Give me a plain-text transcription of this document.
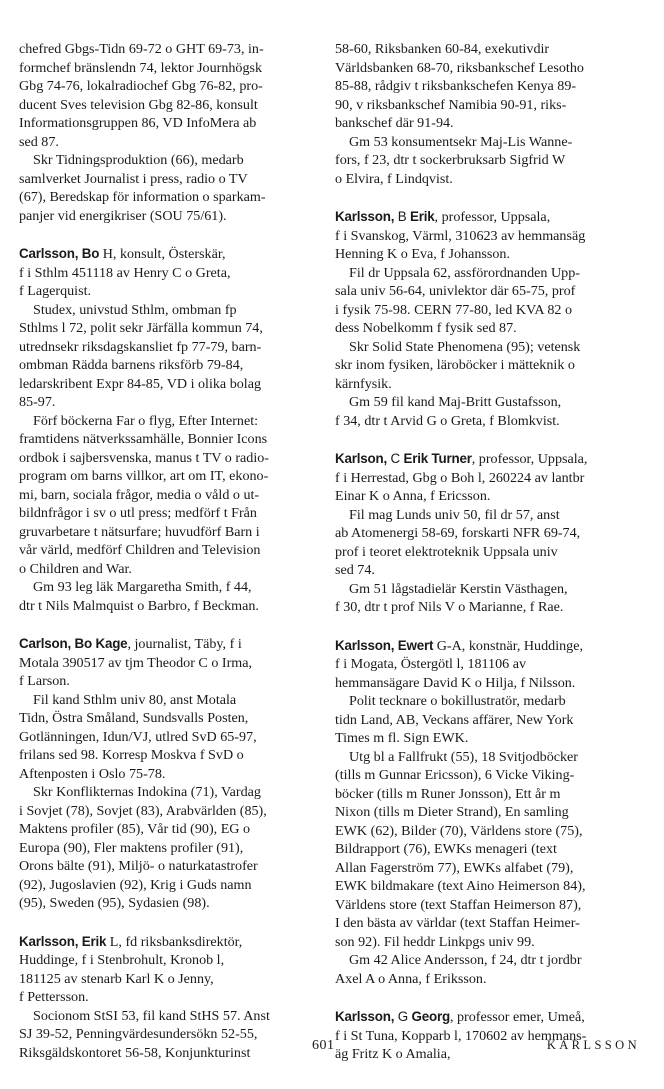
chefred Gbgs-Tidn 69-72 o GHT 69-73, in-
formchef bränslendn 74, lektor Journhögsk
Gbg 74-76, lokalradiochef Gbg 76-82, pro-
ducent Sves television Gbg 82-86, konsult
Informationsgruppen 86, VD InfoMera ab
sed 87.
Skr Tidningsproduktion (66), medarb
samlverket Journalist i press, radio o TV
(67), Beredskap för information o sparkam-
panjer vid energikriser (SOU 75/61).
Carlsson, Bo H, konsult, Österskär,
f i Sthlm 451118 av Henry C o Greta,
f Lagerquist.
Studex, univstud Sthlm, ombman fp
Sthlms l 72, polit sekr Järfälla kommun 74,
utrednsekr riksdagskansliet fp 77-79, barn-
ombman Rädda barnens riksförb 79-84,
ledarskribent Expr 84-85, VD i olika bolag
85-97.
Förf böckerna Far o flyg, Efter Internet:
framtidens nätverkssamhälle, Bonnier Icons
ordbok i sajbersvenska, manus t TV o radio-
program om barns villkor, art om IT, ekono-
mi, barn, sociala frågor, media o våld o ut-
bildnfrågor i sv o utl press; medförf t Från
gruvarbetare t nätsurfare; huvudförf Barn i
vår värld, medförf Children and Television
o Children and War.
Gm 93 leg läk Margaretha Smith, f 44,
dtr t Nils Malmquist o Barbro, f Beckman.
Carlson, Bo Kage, journalist, Täby, f i
Motala 390517 av tjm Theodor C o Irma,
f Larson.
Fil kand Sthlm univ 80, anst Motala
Tidn, Östra Småland, Sundsvalls Posten,
Gotlänningen, Idun/VJ, utlred SvD 65-97,
frilans sed 98. Korresp Moskva f SvD o
Aftenposten i Oslo 75-78.
Skr Konflikternas Indokina (71), Vardag
i Sovjet (78), Sovjet (83), Arabvärlden (85),
Maktens profiler (85), Vår tid (90), EG o
Europa (90), Fler maktens profiler (91),
Orons bälte (91), Miljö- o naturkatastrofer
(92), Jugoslavien (92), Krig i Guds namn
(95), Sweden (95), Sydasien (98).
Karlsson, Erik L, fd riksbanksdirektör,
Huddinge, f i Stenbrohult, Kronob l,
181125 av stenarb Karl K o Jenny,
f Pettersson.
Socionom StSI 53, fil kand StHS 57. Anst
SJ 39-52, Penningvärdesundersökn 52-55,
Riksgäldskontoret 56-58, Konjunkturinst
58-60, Riksbanken 60-84, exekutivdir
Världsbanken 68-70, riksbankschef Lesotho
85-88, rådgiv t riksbankschefen Kenya 89-
90, v riksbankschef Namibia 90-91, riks-
bankschef där 91-94.
Gm 53 konsumentsekr Maj-Lis Wanne-
fors, f 23, dtr t sockerbruksarb Sigfrid W
o Elvira, f Lindqvist.
Karlsson, B Erik, professor, Uppsala,
f i Svanskog, Värml, 310623 av hemmansäg
Henning K o Eva, f Johansson.
Fil dr Uppsala 62, assförordnanden Upp-
sala univ 56-64, univlektor där 65-75, prof
i fysik 75-98. CERN 77-80, led KVA 82 o
dess Nobelkomm f fysik sed 87.
Skr Solid State Phenomena (95); vetensk
skr inom fysiken, läroböcker i mätteknik o
kärnfysik.
Gm 59 fil kand Maj-Britt Gustafsson,
f 34, dtr t Arvid G o Greta, f Blomkvist.
Karlson, C Erik Turner, professor, Uppsala,
f i Herrestad, Gbg o Boh l, 260224 av lantbr
Einar K o Anna, f Ericsson.
Fil mag Lunds univ 50, fil dr 57, anst
ab Atomenergi 58-69, forskarti NFR 69-74,
prof i teoret elektroteknik Uppsala univ
sed 74.
Gm 51 lågstadielär Kerstin Västhagen,
f 30, dtr t prof Nils V o Marianne, f Rae.
Karlsson, Ewert G-A, konstnär, Huddinge,
f i Mogata, Östergötl l, 181106 av
hemmansägare David K o Hilja, f Nilsson.
Polit tecknare o bokillustratör, medarb
tidn Land, AB, Veckans affärer, New York
Times m fl. Sign EWK.
Utg bl a Fallfrukt (55), 18 Svitjodböcker
(tills m Gunnar Ericsson), 6 Vicke Viking-
böcker (tills m Runer Jonsson), Ett år m
Nixon (tills m Dieter Strand), En samling
EWK (62), Bilder (70), Världens store (75),
Bildrapport (76), EWKs menageri (text
Allan Fagerström 77), EWKs alfabet (79),
EWK bildmakare (text Aino Heimerson 84),
Världens store (text Staffan Heimerson 87),
I den bästa av världar (text Staffan Heimer-
son 92). Fil heddr Linkpgs univ 99.
Gm 42 Alice Andersson, f 24, dtr t jordbr
Axel A o Anna, f Eriksson.
Karlsson, G Georg, professor emer, Umeå,
f i St Tuna, Kopparb l, 170602 av hemmans-
äg Fritz K o Amalia,
601	KARLSSON
